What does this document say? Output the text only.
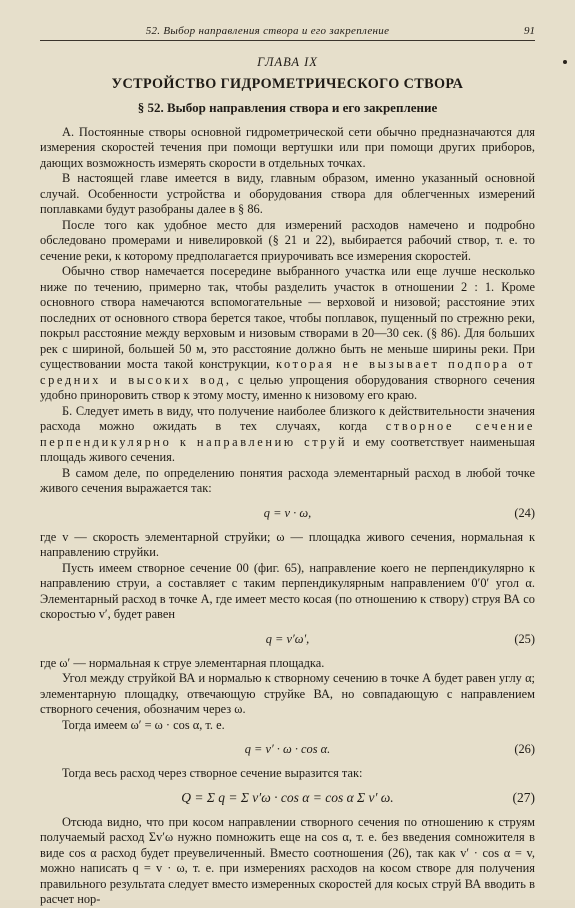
52. Выбор направления створа и его закрепление	91
ГЛАВА IX
УСТРОЙСТВО ГИДРОМЕТРИЧЕСКОГО СТВОРА
§ 52. Выбор направления створа и его закрепление

А. Постоянные створы основной гидрометрической сети обычно предназначаются для измерения скоростей течения при помощи вертушки или при помощи других приборов, дающих возможность измерять скорости в отдельных точках.

В настоящей главе имеется в виду, главным образом, именно указанный основной случай. Особенности устройства и оборудования створа для облегченных измерений поплавками будут разобраны далее в § 86.

После того как удобное место для измерений расходов намечено и подробно обследовано промерами и нивелировкой (§ 21 и 22), выбирается рабочий створ, т. е. то сечение реки, к которому предполагается приурочивать все измерения скоростей.

Обычно створ намечается посередине выбранного участка или еще лучше несколько ниже по течению, примерно так, чтобы разделить участок в отношении 2 : 1. Кроме основного створа намечаются вспомогательные — верховой и низовой; расстояние этих последних от основного створа берется такое, чтобы поплавок, пущенный по стрежню реки, покрыл расстояние между верховым и низовым створами в 20—30 сек. (§ 86). Для больших рек с шириной, большей 50 м, это расстояние должно быть не меньше ширины реки. При существовании моста такой конструкции, которая не вызывает подпора от средних и высоких вод, с целью упрощения оборудования створного сечения удобно приноровить створ к этому мосту, именно к низовому его краю.

Б. Следует иметь в виду, что получение наиболее близкого к действительности значения расхода можно ожидать в тех случаях, когда створное сечение перпендикулярно к направлению струй и ему соответствует наименьшая площадь живого сечения.

В самом деле, по определению понятия расхода элементарный расход в любой точке живого сечения выражается так:

q = v · ω,	(24)

где v — скорость элементарной струйки; ω — площадка живого сечения, нормальная к направлению струйки.

Пусть имеем створное сечение 00 (фиг. 65), направление коего не перпендикулярно к направлению струи, а составляет с таким перпендикулярным направлением 0′0′ угол α. Элементарный расход в точке А, где имеет место косая (по отношению к створу) струя ВА со скоростью v′, будет равен

q = v′ω′,	(25)

где ω′ — нормальная к струе элементарная площадка.

Угол между струйкой ВА и нормалью к створному сечению в точке А будет равен углу α; элементарную площадку, отвечающую струйке ВА, но совпадающую с направлением створного сечения, обозначим через ω.

Тогда имеем ω′ = ω · cos α, т. е.

q = v′ · ω · cos α.	(26)

Тогда весь расход через створное сечение выразится так:

Q = Σ q = Σ v′ω · cos α = cos α Σ v′ ω.	(27)

Отсюда видно, что при косом направлении створного сечения по отношению к струям получаемый расход Σv′ω нужно помножить еще на cos α, т. е. без введения сомножителя в виде cos α расход будет преувеличенный. Вместо соотношения (26), так как v′ · cos α = v, можно написать q = v · ω, т. е. при измерениях расходов на косом створе для получения правильного результата следует вместо измеренных скоростей для косых струй ВА вводить в расчет нор-
